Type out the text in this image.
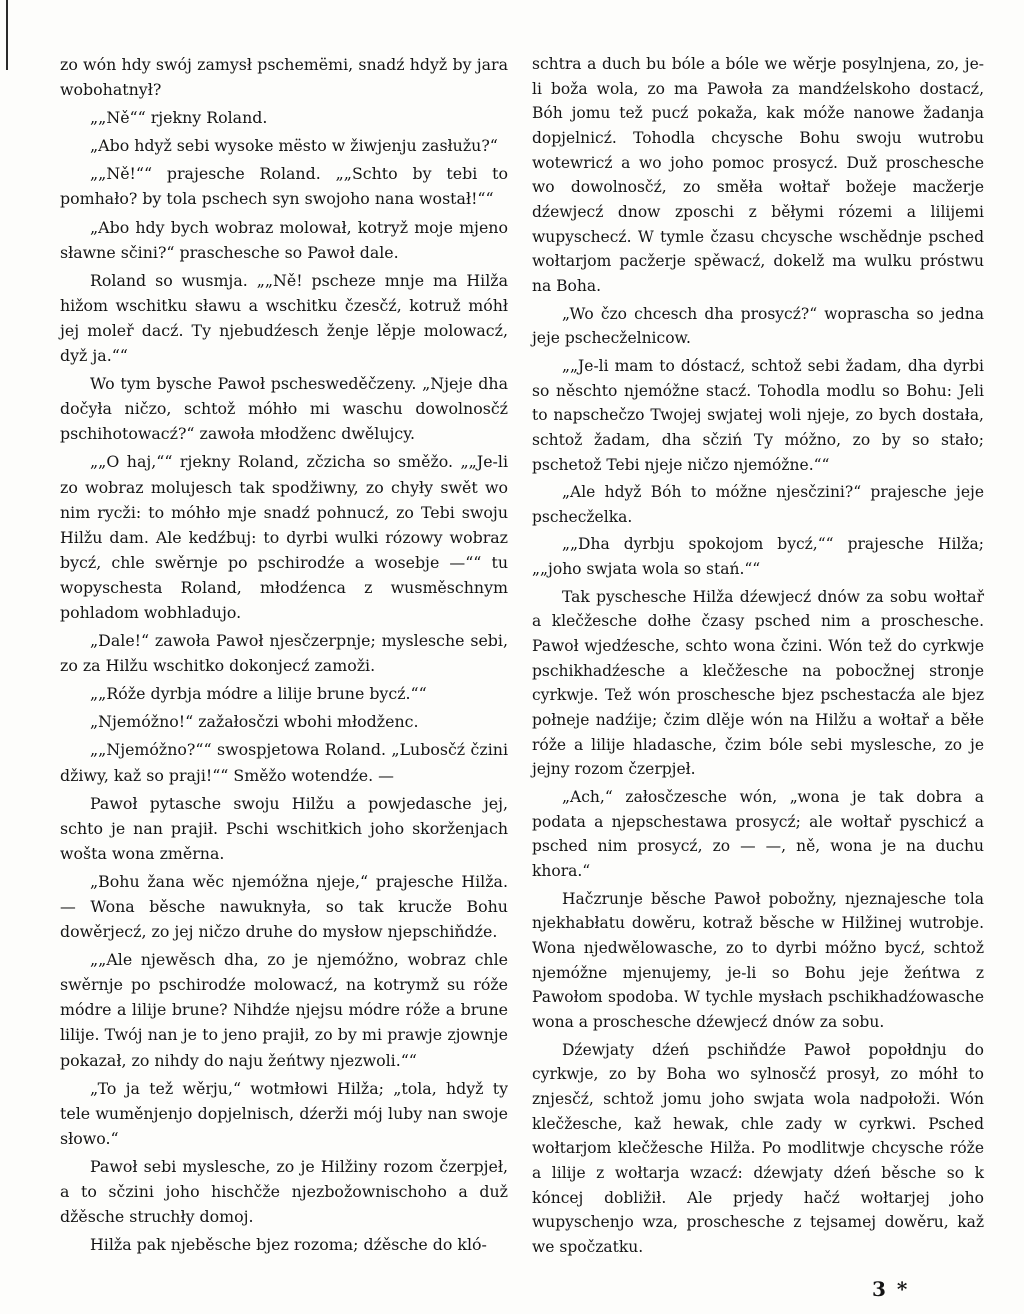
zo wón hdy swój zamysł pschemëmi, snadź hdyž by jara wobohatnył?

„„Ně““ rjekny Roland.

„Abo hdyž sebi wysoke mësto w žiwjenju zasłužu?“

„„Ně!““ prajesche Roland. „„Schto by tebi to pomhało? by tola pschech syn swojoho nana wostał!““

„Abo hdy bych wobraz molował, kotryž moje mjeno sławne sčini?“ praschesche so Pawoł dale.

Roland so wusmja. „„Ně! pscheze mnje ma Hilža hižom wschitku sławu a wschitku čzesčź, kotruž móhł jej moleř dacź. Ty njebudźesch ženje lěpje molowacź, dyž ja.““

Wo tym bysche Pawoł pschesweděčzeny. „Njeje dha dočyła ničzo, schtož móhło mi waschu dowolnosčź pschihotowacź?“ zawoła młodženc dwělujcy.

„„O haj,““ rjekny Roland, zčzicha so směžo. „„Je-li zo wobraz molujesch tak spodžiwny, zo chyły swět wo nim rycži: to móhło mje snadź pohnucź, zo Tebi swoju Hilžu dam. Ale kedźbuj: to dyrbi wulki rózowy wobraz bycź, chle swěrnje po pschirodźe a wosebje —““ tu wopyschesta Roland, młodźenca z wusměschnym pohladom wobhladujo.

„Dale!“ zawoła Pawoł njesčzerpnje; myslesche sebi, zo za Hilžu wschitko dokonjecź zamoži.

„„Róže dyrbja módre a lilije brune bycź.““

„Njemóžno!“ zažałosčzi wbohi młodženc.

„„Njemóžno?““ swospjetowa Roland. „Lubosčź čzini džiwy, kaž so praji!““ Směžo wotendźe. —

Pawoł pytasche swoju Hilžu a powjedasche jej, schto je nan prajił. Pschi wschitkich joho skorženjach wošta wona změrna.

„Bohu žana wěc njemóžna njeje,“ prajesche Hilža. — Wona běsche nawuknyła, so tak krucže Bohu dowěrjecź, zo jej ničzo druhe do mysłow njepschiňdźe.

„„Ale njewěsch dha, zo je njemóžno, wobraz chle swěrnje po pschirodźe molowacź, na kotrymž su róže módre a lilije brune? Nihdźe njejsu módre róže a brune lilije. Twój nan je to jeno prajił, zo by mi prawje zjownje pokazał, zo nihdy do naju žeńtwy njezwoli.““

„To ja tež wěrju,“ wotmłowi Hilža; „tola, hdyž ty tele wuměnjenjo dopjelnisch, dźerži mój luby nan swoje słowo.“

Pawoł sebi myslesche, zo je Hilžiny rozom čzerpjeł, a to sčzini joho hischčže njezbožownischoho a duž džěsche struchły domoj.

Hilža pak njeběsche bjez rozoma; dźěsche do kló-

schtra a duch bu bóle a bóle we wěrje posylnjena, zo, je-li boža wola, zo ma Pawoła za mandźelskoho dostacź, Bóh jomu tež pucź pokaža, kak móže nanowe žadanja dopjelnicź. Tohodla chcysche Bohu swoju wutrobu wotewricź a wo joho pomoc prosycź. Duž proschesche wo dowolnosčź, zo směła wołtař božeje macžerje dźewjecź dnow zposchi z běłymi rózemi a lilijemi wupyschecź. W tymle čzasu chcysche wschědnje psched wołtarjom pacžerje spěwacź, dokelž ma wulku próstwu na Boha.

„Wo čzo chcesch dha prosycź?“ woprascha so jedna jeje pschecželnicow.

„„Je-li mam to dóstacź, schtož sebi žadam, dha dyrbi so něschto njemóžne stacź. Tohodla modlu so Bohu: Jeli to napschečzo Twojej swjatej woli njeje, zo bych dostała, schtož žadam, dha sčziń Ty móžno, zo by so stało; pschetož Tebi njeje ničzo njemóžne.““

„Ale hdyž Bóh to móžne njesčzini?“ prajesche jeje pschecželka.

„„Dha dyrbju spokojom bycź,““ prajesche Hilža; „„joho swjata wola so stań.““

Tak pyschesche Hilža dźewjecź dnów za sobu wołtař a klečžesche dołhe čzasy psched nim a proschesche. Pawoł wjedźesche, schto wona čzini. Wón tež do cyrkwje pschikhadźesche a klečžesche na pobocžnej stronje cyrkwje. Tež wón proschesche bjez pschestacźa ale bjez połneje nadźije; čzim dlěje wón na Hilžu a wołtař a běłe róže a lilije hladasche, čzim bóle sebi myslesche, zo je jejny rozom čzerpjeł.

„Ach,“ załosčzesche wón, „wona je tak dobra a podata a njepschestawa prosycź; ale wołtař pyschicź a psched nim prosycź, zo — —, ně, wona je na duchu khora.“

Hačzrunje běsche Pawoł pobožny, njeznajesche tola njekhabłatu dowěru, kotraž běsche w Hilžinej wutrobje. Wona njedwělowasche, zo to dyrbi móžno bycź, schtož njemóžne mjenujemy, je-li so Bohu jeje žeńtwa z Pawołom spodoba. W tychle mysłach pschikhadźowasche wona a proschesche dźewjecź dnów za sobu.

Dźewjaty dźeń pschiňdźe Pawoł popołdnju do cyrkwje, zo by Boha wo sylnosčź prosył, zo móhł to znjesčź, schtož jomu joho swjata wola nadpołoži. Wón klečžesche, kaž hewak, chle zady w cyrkwi. Psched wołtarjom klečžesche Hilža. Po modlitwje chcysche róže a lilije z wołtarja wzacź: dźewjaty dźeń běsche so k kóncej dobližił. Ale prjedy hačź wołtarjej joho wupyschenjo wza, proschesche z tejsamej dowěru, kaž we spočzatku.

3 *
